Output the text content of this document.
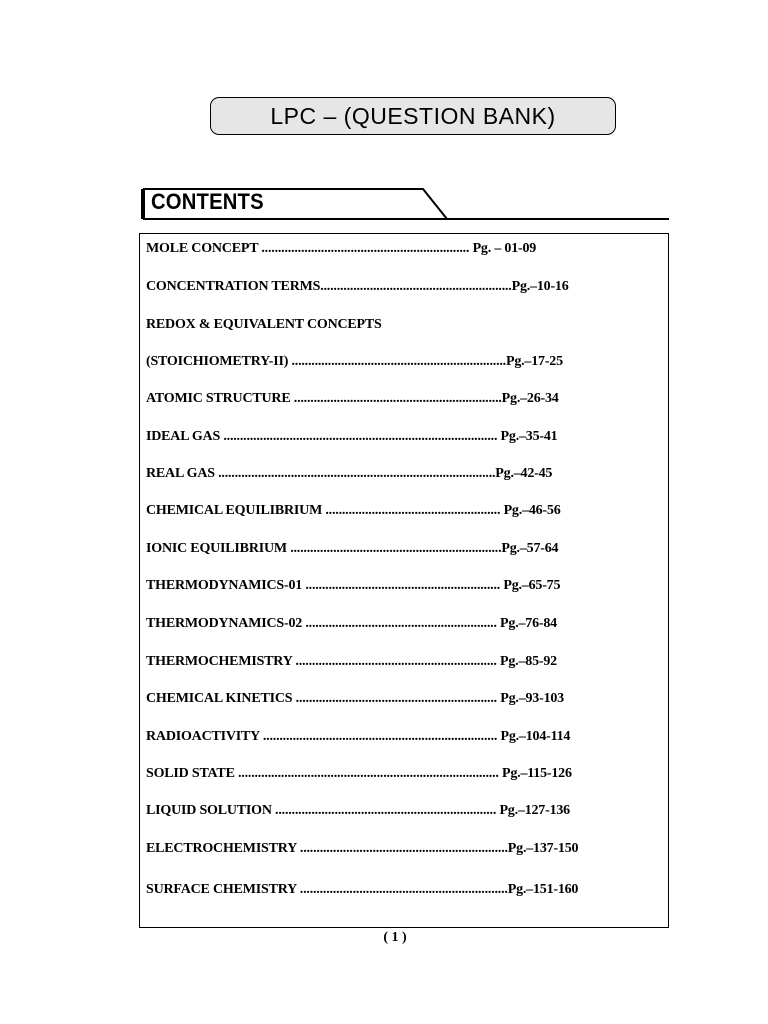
LPC – (QUESTION BANK)
CONTENTS
MOLE CONCEPT ............................................................... Pg. – 01-09
CONCENTRATION TERMS..........................................................Pg.–10-16
REDOX & EQUIVALENT CONCEPTS
(STOICHIOMETRY-II) .................................................................Pg.–17-25
ATOMIC STRUCTURE ...............................................................Pg.–26-34
IDEAL GAS ................................................................................... Pg.–35-41
REAL GAS ....................................................................................Pg.–42-45
CHEMICAL EQUILIBRIUM ..................................................... Pg.–46-56
IONIC EQUILIBRIUM ................................................................Pg.–57-64
THERMODYNAMICS-01 ........................................................... Pg.–65-75
THERMODYNAMICS-02 .......................................................... Pg.–76-84
THERMOCHEMISTRY ............................................................. Pg.–85-92
CHEMICAL KINETICS ............................................................. Pg.–93-103
RADIOACTIVITY ....................................................................... Pg.–104-114
SOLID STATE ............................................................................... Pg.–115-126
LIQUID SOLUTION ................................................................... Pg.–127-136
ELECTROCHEMISTRY ...............................................................Pg.–137-150
SURFACE CHEMISTRY ...............................................................Pg.–151-160
( 1 )
